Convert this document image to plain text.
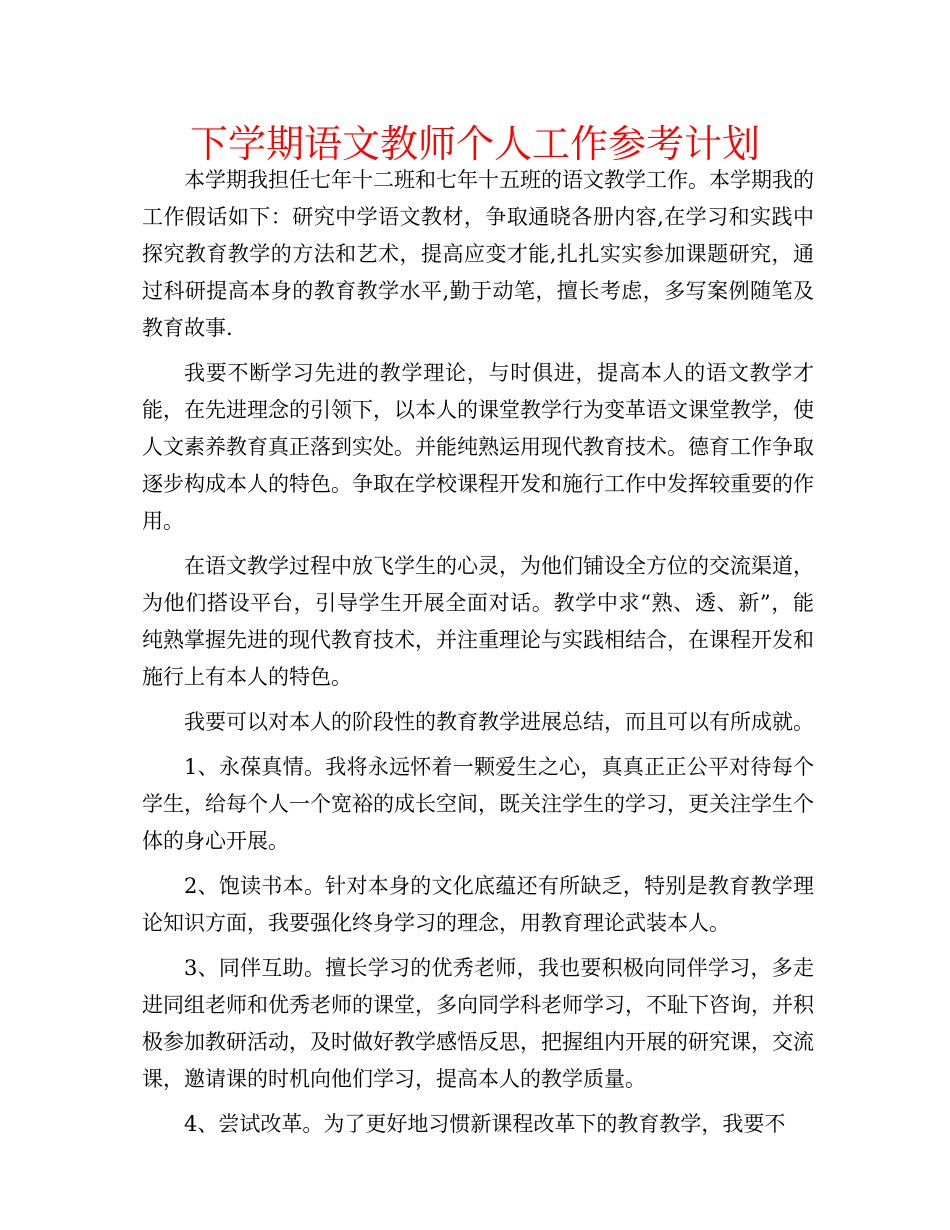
下学期语文教师个人工作参考计划

本学期我担任七年十二班和七年十五班的语文教学工作。本学期我的工作假话如下：研究中学语文教材，争取通晓各册内容,在学习和实践中探究教育教学的方法和艺术，提高应变才能,扎扎实实参加课题研究，通过科研提高本身的教育教学水平,勤于动笔，擅长考虑，多写案例随笔及教育故事.

我要不断学习先进的教学理论，与时俱进，提高本人的语文教学才能，在先进理念的引领下，以本人的课堂教学行为变革语文课堂教学，使人文素养教育真正落到实处。并能纯熟运用现代教育技术。德育工作争取逐步构成本人的特色。争取在学校课程开发和施行工作中发挥较重要的作用。

在语文教学过程中放飞学生的心灵，为他们铺设全方位的交流渠道，为他们搭设平台，引导学生开展全面对话。教学中求“熟、透、新”，能纯熟掌握先进的现代教育技术，并注重理论与实践相结合，在课程开发和施行上有本人的特色。

我要可以对本人的阶段性的教育教学进展总结，而且可以有所成就。

1、永葆真情。我将永远怀着一颗爱生之心，真真正正公平对待每个学生，给每个人一个宽裕的成长空间，既关注学生的学习，更关注学生个体的身心开展。

2、饱读书本。针对本身的文化底蕴还有所缺乏，特别是教育教学理论知识方面，我要强化终身学习的理念，用教育理论武装本人。

3、同伴互助。擅长学习的优秀老师，我也要积极向同伴学习，多走进同组老师和优秀老师的课堂，多向同学科老师学习，不耻下咨询，并积极参加教研活动，及时做好教学感悟反思，把握组内开展的研究课，交流课，邀请课的时机向他们学习，提高本人的教学质量。

4、尝试改革。为了更好地习惯新课程改革下的教育教学，我要不
